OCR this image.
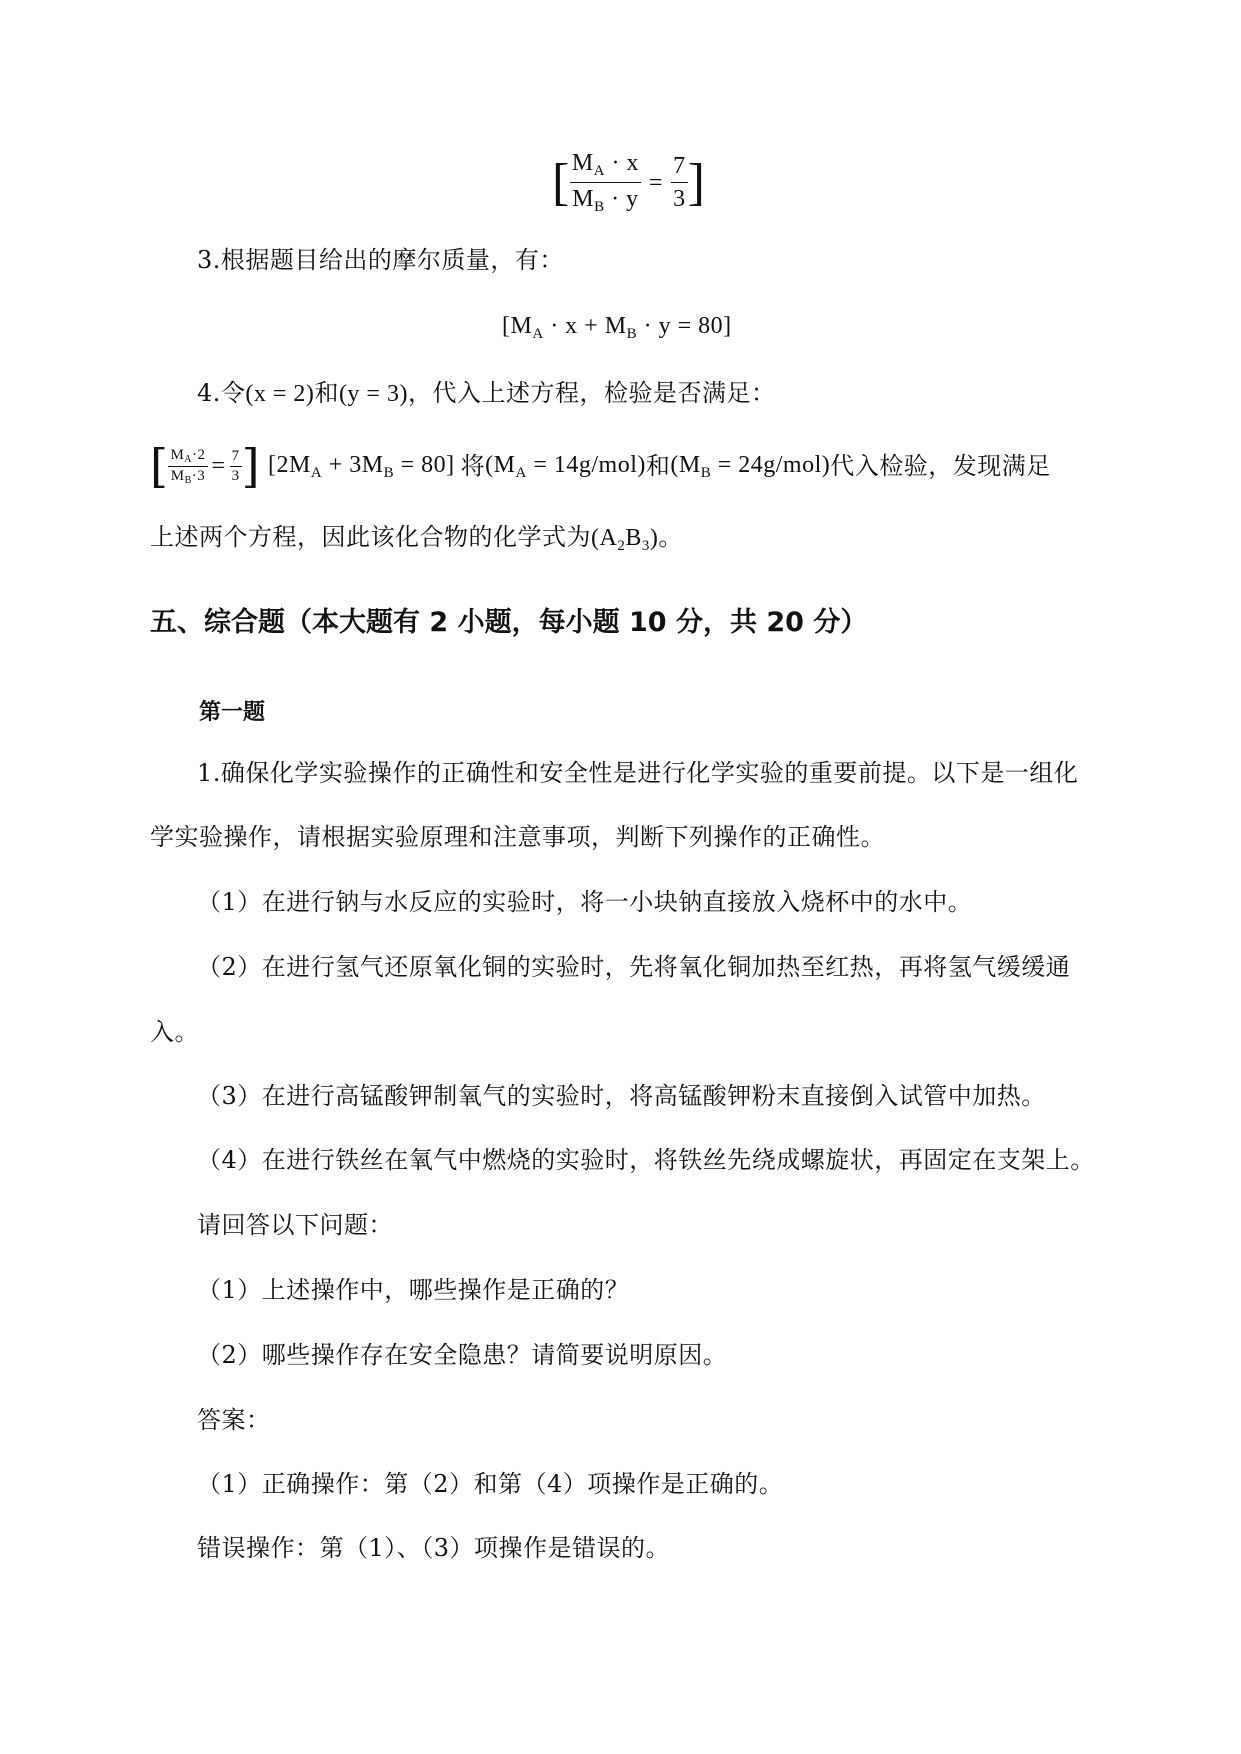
[ $\frac{M_A \cdot x}{M_B \cdot y} = \frac{7}{3}$ ]
3.根据题目给出的摩尔质量，有：
$[M_A \cdot x + M_B \cdot y = 80]$
4.令(x = 2)和(y = 3)，代入上述方程，检验是否满足：
[ $\frac{M_A\cdot 2}{M_B\cdot 3} = \frac{7}{3}$ ] $[2M_A + 3M_B = 80]$ 将 $(M_A = 14g/mol)$ 和 $(M_B = 24g/mol)$ 代入检验，发现满足
上述两个方程，因此该化合物的化学式为$(A_2B_3)$。
五、综合题（本大题有 2 小题，每小题 10 分，共 20 分）
第一题
1.确保化学实验操作的正确性和安全性是进行化学实验的重要前提。以下是一组化
学实验操作，请根据实验原理和注意事项，判断下列操作的正确性。
（1）在进行钠与水反应的实验时，将一小块钠直接放入烧杯中的水中。
（2）在进行氢气还原氧化铜的实验时，先将氧化铜加热至红热，再将氢气缓缓通
入。
（3）在进行高锰酸钾制氧气的实验时，将高锰酸钾粉末直接倒入试管中加热。
（4）在进行铁丝在氧气中燃烧的实验时，将铁丝先绕成螺旋状，再固定在支架上。
请回答以下问题：
（1）上述操作中，哪些操作是正确的？
（2）哪些操作存在安全隐患？请简要说明原因。
答案：
（1）正确操作：第（2）和第（4）项操作是正确的。
错误操作：第（1）、（3）项操作是错误的。
